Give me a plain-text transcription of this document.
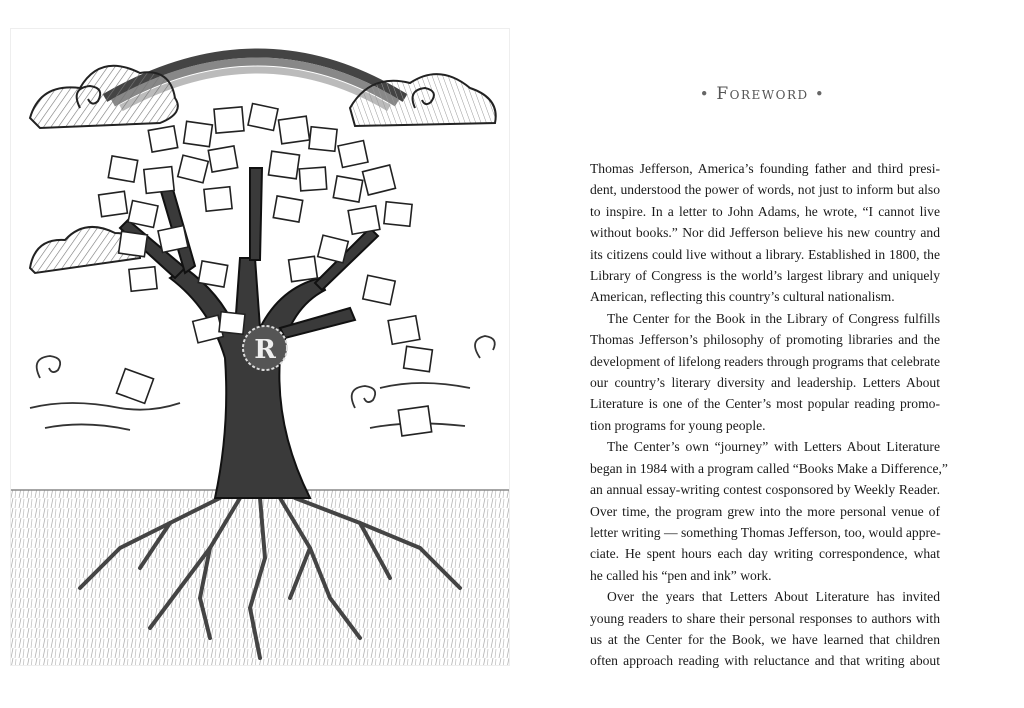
R
• Foreword •

Thomas Jefferson, America’s founding father and third presi-
dent, understood the power of words, not just to inform but also
to inspire. In a letter to John Adams, he wrote, “I cannot live
without books.” Nor did Jefferson believe his new country and
its citizens could live without a library. Established in 1800, the
Library of Congress is the world’s largest library and uniquely
American, reflecting this country’s cultural nationalism.

The Center for the Book in the Library of Congress fulfills
Thomas Jefferson’s philosophy of promoting libraries and the
development of lifelong readers through programs that celebrate
our country’s literary diversity and leadership. Letters About
Literature is one of the Center’s most popular reading promo-
tion programs for young people.

The Center’s own “journey” with Letters About Literature
began in 1984 with a program called “Books Make a Difference,”
an annual essay-writing contest cosponsored by Weekly Reader.
Over time, the program grew into the more personal venue of
letter writing — something Thomas Jefferson, too, would appre-
ciate. He spent hours each day writing correspondence, what
he called his “pen and ink” work.

Over the years that Letters About Literature has invited
young readers to share their personal responses to authors with
us at the Center for the Book, we have learned that children
often approach reading with reluctance and that writing about
